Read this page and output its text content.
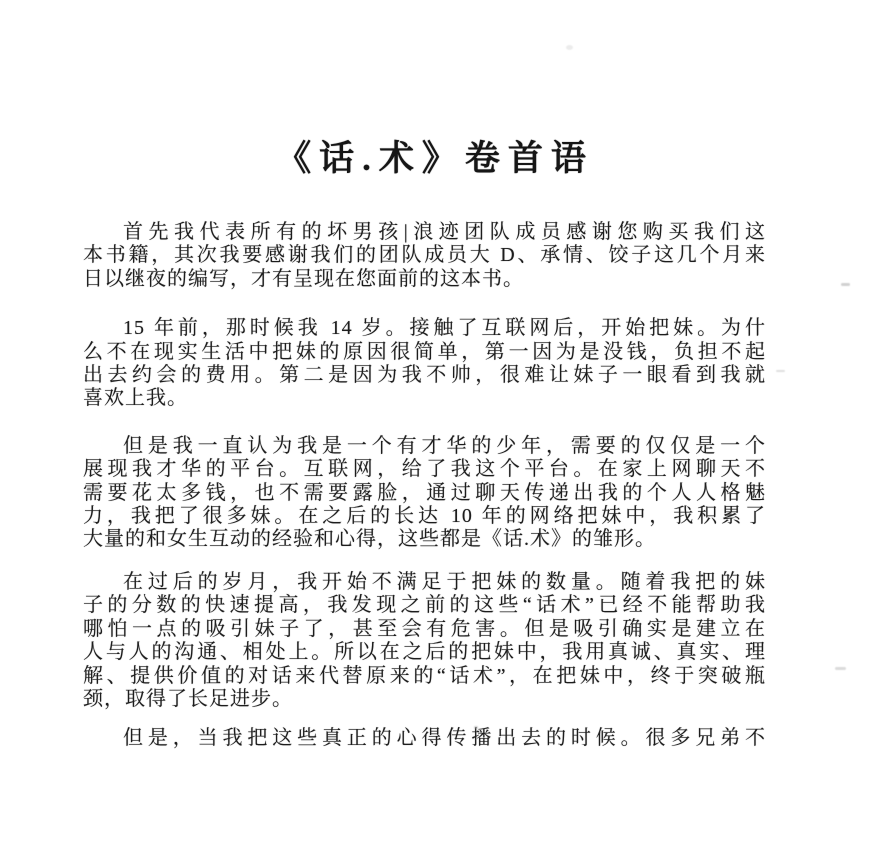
《话.术》卷首语
首先我代表所有的坏男孩|浪迹团队成员感谢您购买我们这
本书籍，其次我要感谢我们的团队成员大 D、承情、饺子这几个月来
日以继夜的编写，才有呈现在您面前的这本书。
15 年前，那时候我 14 岁。接触了互联网后，开始把妹。为什
么不在现实生活中把妹的原因很简单，第一因为是没钱，负担不起
出去约会的费用。第二是因为我不帅，很难让妹子一眼看到我就
喜欢上我。
但是我一直认为我是一个有才华的少年，需要的仅仅是一个
展现我才华的平台。互联网，给了我这个平台。在家上网聊天不
需要花太多钱，也不需要露脸，通过聊天传递出我的个人人格魅
力，我把了很多妹。在之后的长达 10 年的网络把妹中，我积累了
大量的和女生互动的经验和心得，这些都是《话.术》的雏形。
在过后的岁月，我开始不满足于把妹的数量。随着我把的妹
子的分数的快速提高，我发现之前的这些“话术”已经不能帮助我
哪怕一点的吸引妹子了，甚至会有危害。但是吸引确实是建立在
人与人的沟通、相处上。所以在之后的把妹中，我用真诚、真实、理
解、提供价值的对话来代替原来的“话术”，在把妹中，终于突破瓶
颈，取得了长足进步。
但是，当我把这些真正的心得传播出去的时候。很多兄弟不
